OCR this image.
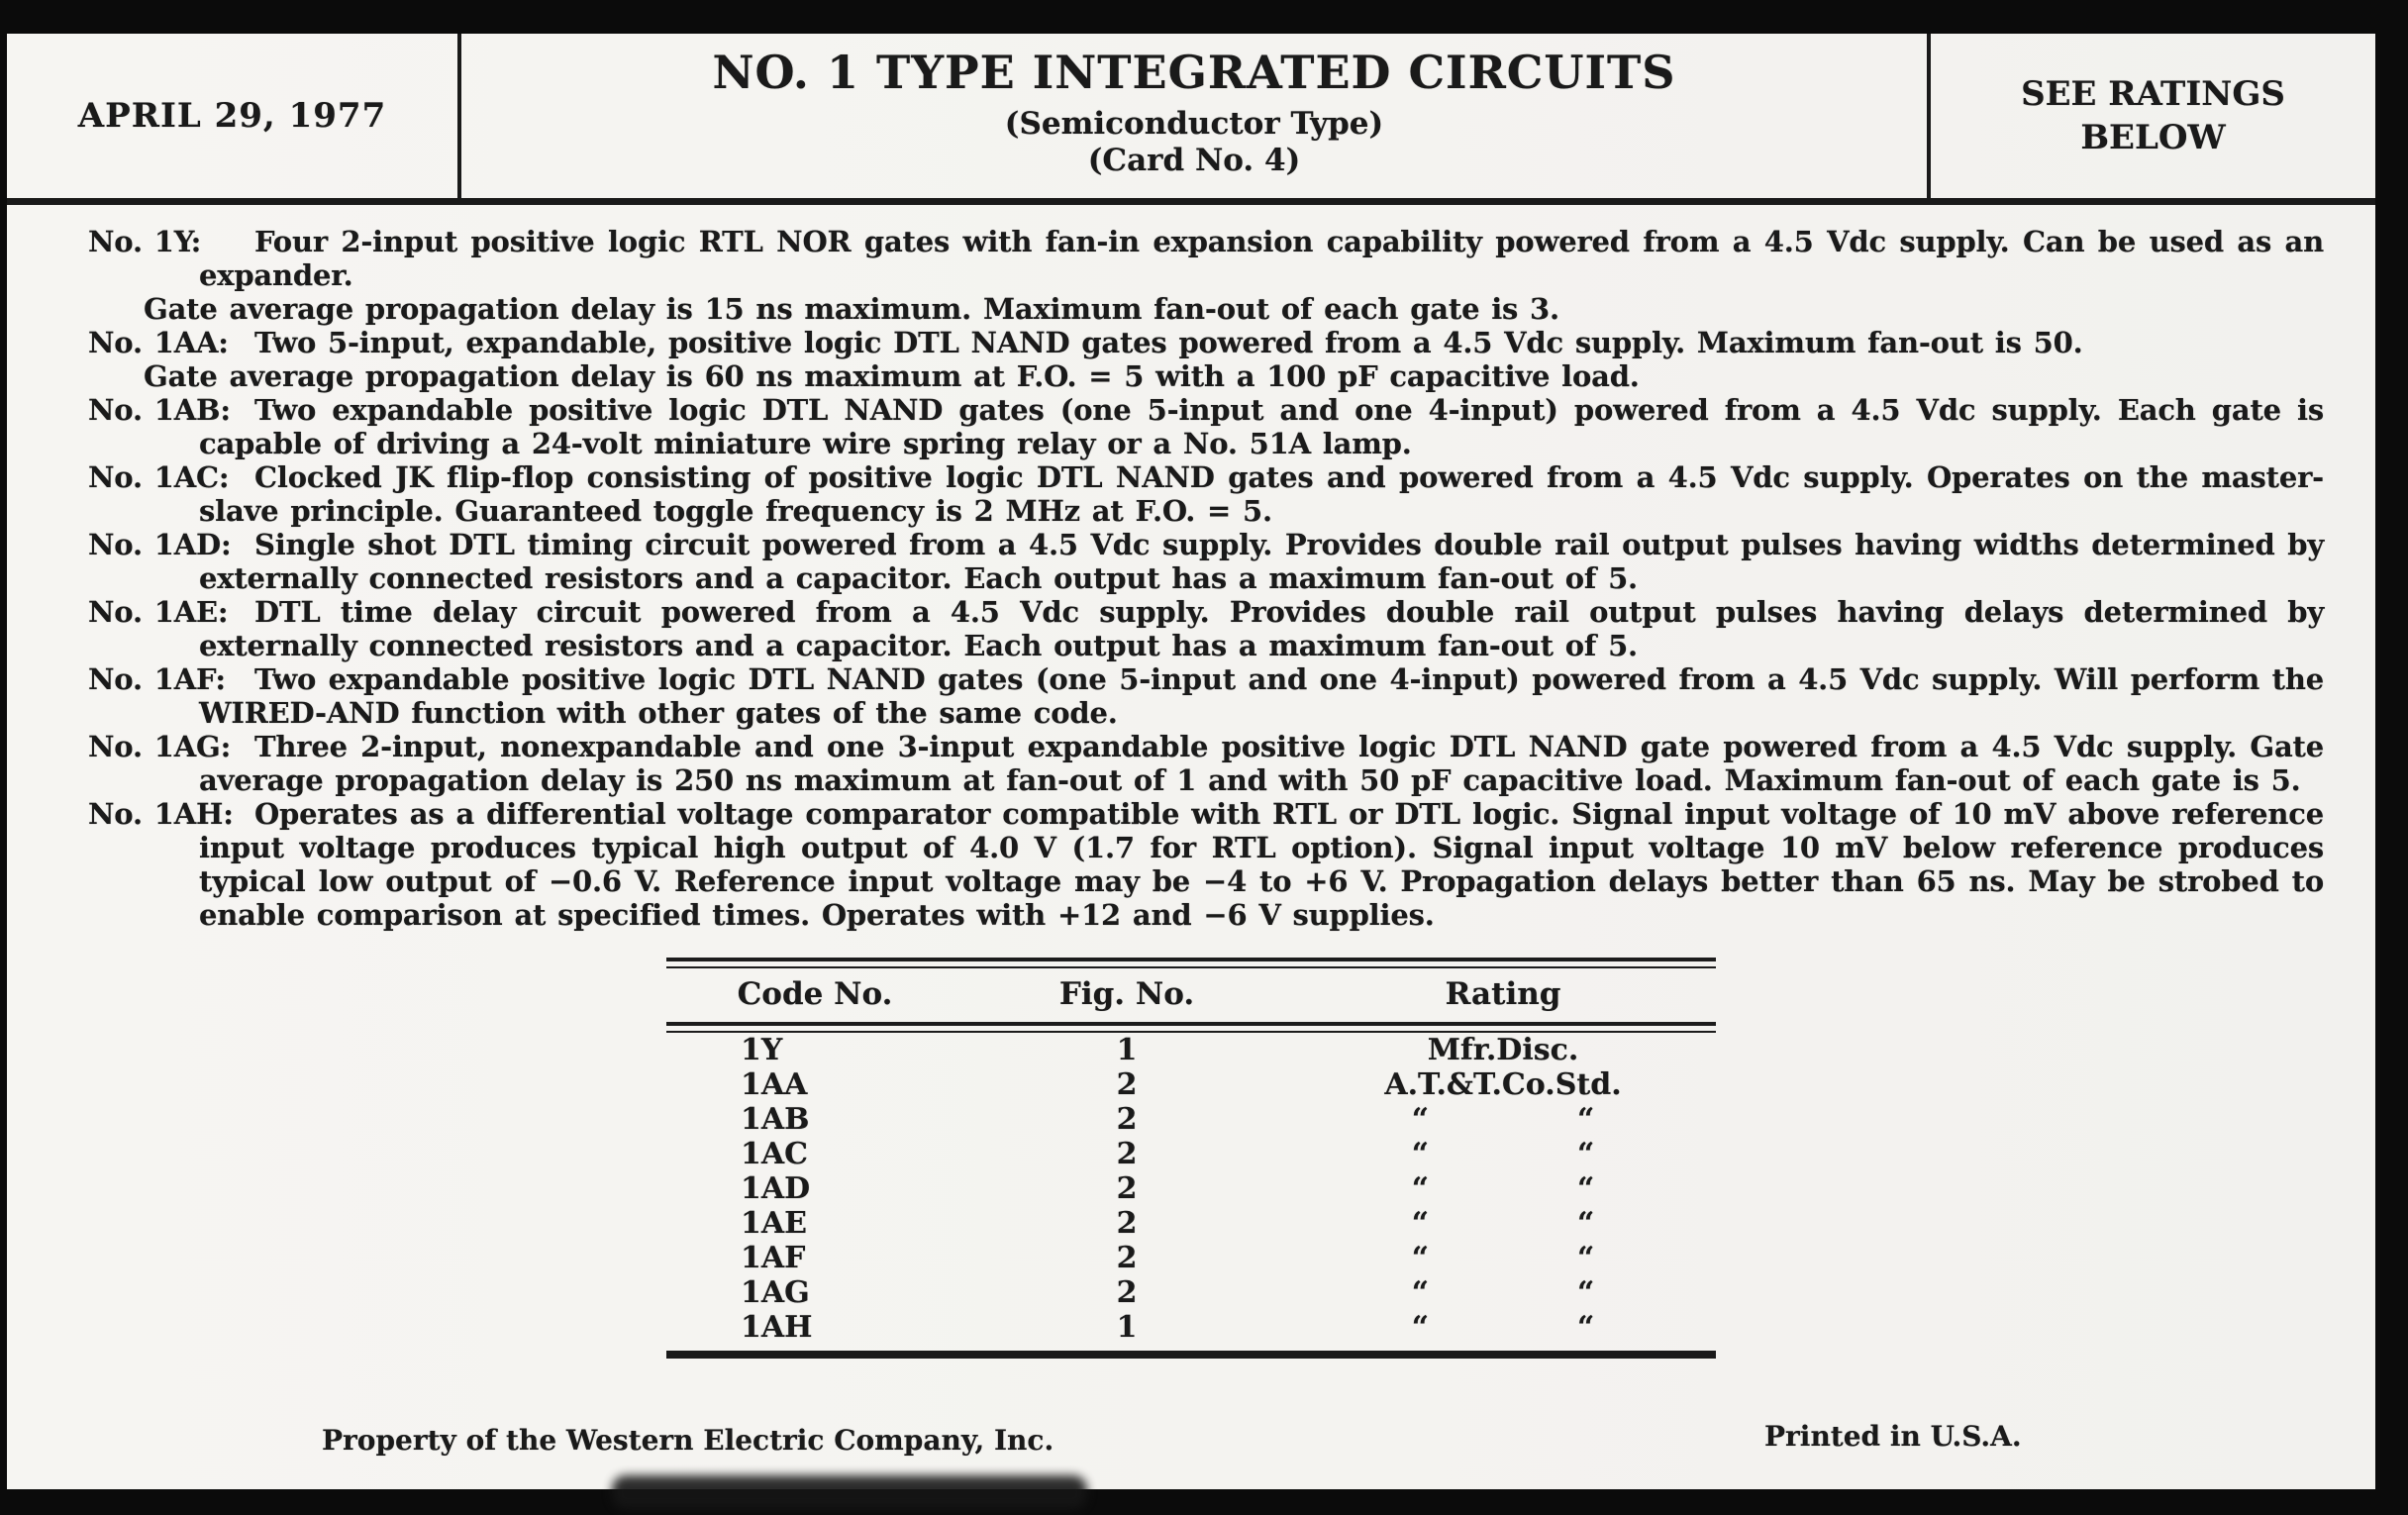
APRIL 29, 1977
NO. 1 TYPE INTEGRATED CIRCUITS
(Semiconductor Type)
(Card No. 4)
SEE RATINGS BELOW

No. 1Y: Four 2-input positive logic RTL NOR gates with fan-in expansion capability powered from a 4.5 Vdc supply. Can be used as an expander.

Gate average propagation delay is 15 ns maximum. Maximum fan-out of each gate is 3.

No. 1AA: Two 5-input, expandable, positive logic DTL NAND gates powered from a 4.5 Vdc supply. Maximum fan-out is 50.

Gate average propagation delay is 60 ns maximum at F.O. = 5 with a 100 pF capacitive load.

No. 1AB: Two expandable positive logic DTL NAND gates (one 5-input and one 4-input) powered from a 4.5 Vdc supply. Each gate is capable of driving a 24-volt miniature wire spring relay or a No. 51A lamp.

No. 1AC: Clocked JK flip-flop consisting of positive logic DTL NAND gates and powered from a 4.5 Vdc supply. Operates on the master-slave principle. Guaranteed toggle frequency is 2 MHz at F.O. = 5.

No. 1AD: Single shot DTL timing circuit powered from a 4.5 Vdc supply. Provides double rail output pulses having widths determined by externally connected resistors and a capacitor. Each output has a maximum fan-out of 5.

No. 1AE: DTL time delay circuit powered from a 4.5 Vdc supply. Provides double rail output pulses having delays determined by externally connected resistors and a capacitor. Each output has a maximum fan-out of 5.

No. 1AF: Two expandable positive logic DTL NAND gates (one 5-input and one 4-input) powered from a 4.5 Vdc supply. Will perform the WIRED-AND function with other gates of the same code.

No. 1AG: Three 2-input, nonexpandable and one 3-input expandable positive logic DTL NAND gate powered from a 4.5 Vdc supply. Gate average propagation delay is 250 ns maximum at fan-out of 1 and with 50 pF capacitive load. Maximum fan-out of each gate is 5.

No. 1AH: Operates as a differential voltage comparator compatible with RTL or DTL logic. Signal input voltage of 10 mV above reference input voltage produces typical high output of 4.0 V (1.7 for RTL option). Signal input voltage 10 mV below reference produces typical low output of −0.6 V. Reference input voltage may be −4 to +6 V. Propagation delays better than 65 ns. May be strobed to enable comparison at specified times. Operates with +12 and −6 V supplies.

Code No.	Fig. No.	Rating
1Y	1	Mfr.Disc.
1AA	2	A.T.&T.Co.Std.
1AB	2	“	“
1AC	2	“	“
1AD	2	“	“
1AE	2	“	“
1AF	2	“	“
1AG	2	“	“
1AH	1	“	“
Property of the Western Electric Company, Inc.	Printed in U.S.A.
